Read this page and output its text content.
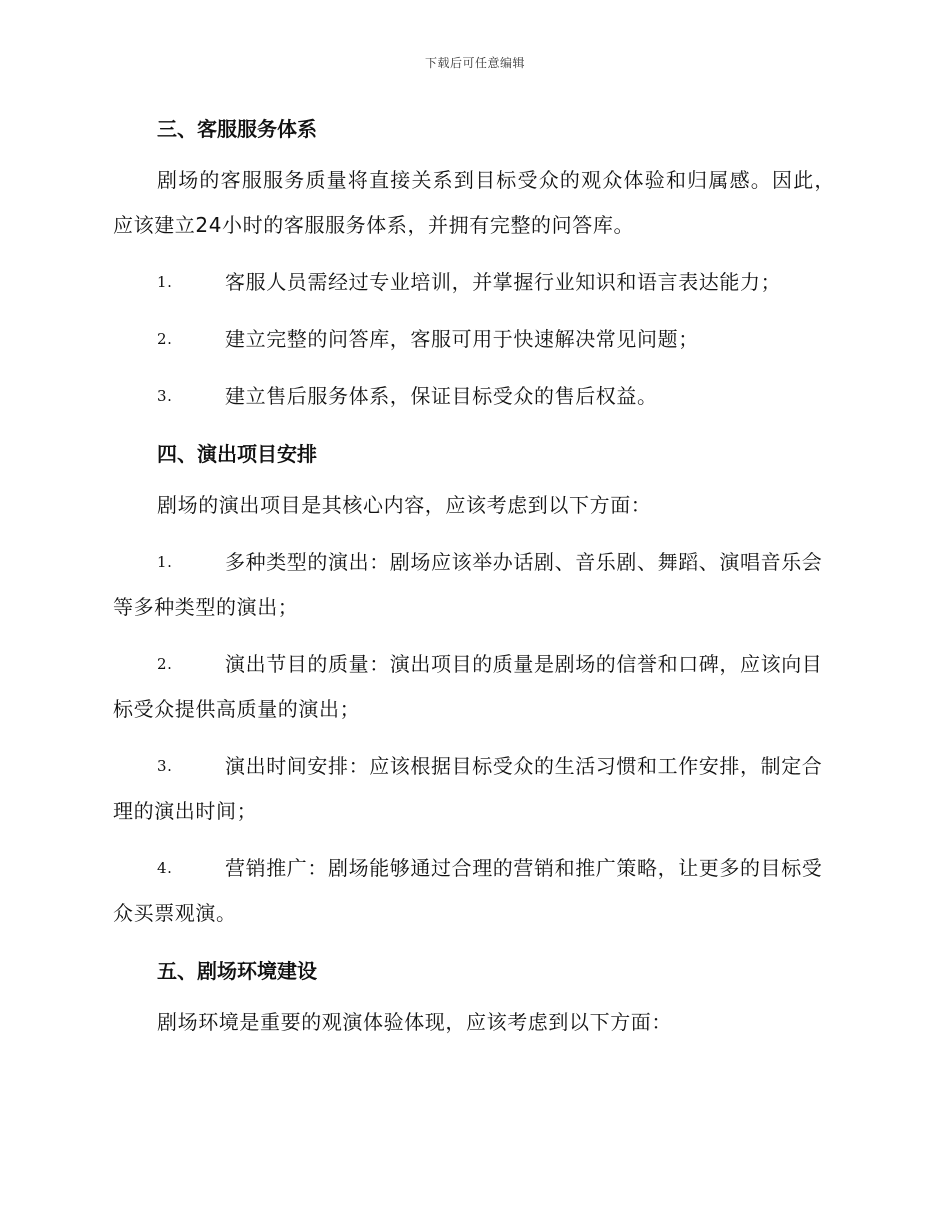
下载后可任意编辑
三、客服服务体系

剧场的客服服务质量将直接关系到目标受众的观众体验和归属感。因此，应该建立24小时的客服服务体系，并拥有完整的问答库。

1.	客服人员需经过专业培训，并掌握行业知识和语言表达能力；

2.	建立完整的问答库，客服可用于快速解决常见问题；

3.	建立售后服务体系，保证目标受众的售后权益。

四、演出项目安排

剧场的演出项目是其核心内容，应该考虑到以下方面：

1.	多种类型的演出：剧场应该举办话剧、音乐剧、舞蹈、演唱音乐会等多种类型的演出；

2.	演出节目的质量：演出项目的质量是剧场的信誉和口碑，应该向目标受众提供高质量的演出；

3.	演出时间安排：应该根据目标受众的生活习惯和工作安排，制定合理的演出时间；

4.	营销推广：剧场能够通过合理的营销和推广策略，让更多的目标受众买票观演。

五、剧场环境建设

剧场环境是重要的观演体验体现，应该考虑到以下方面：
